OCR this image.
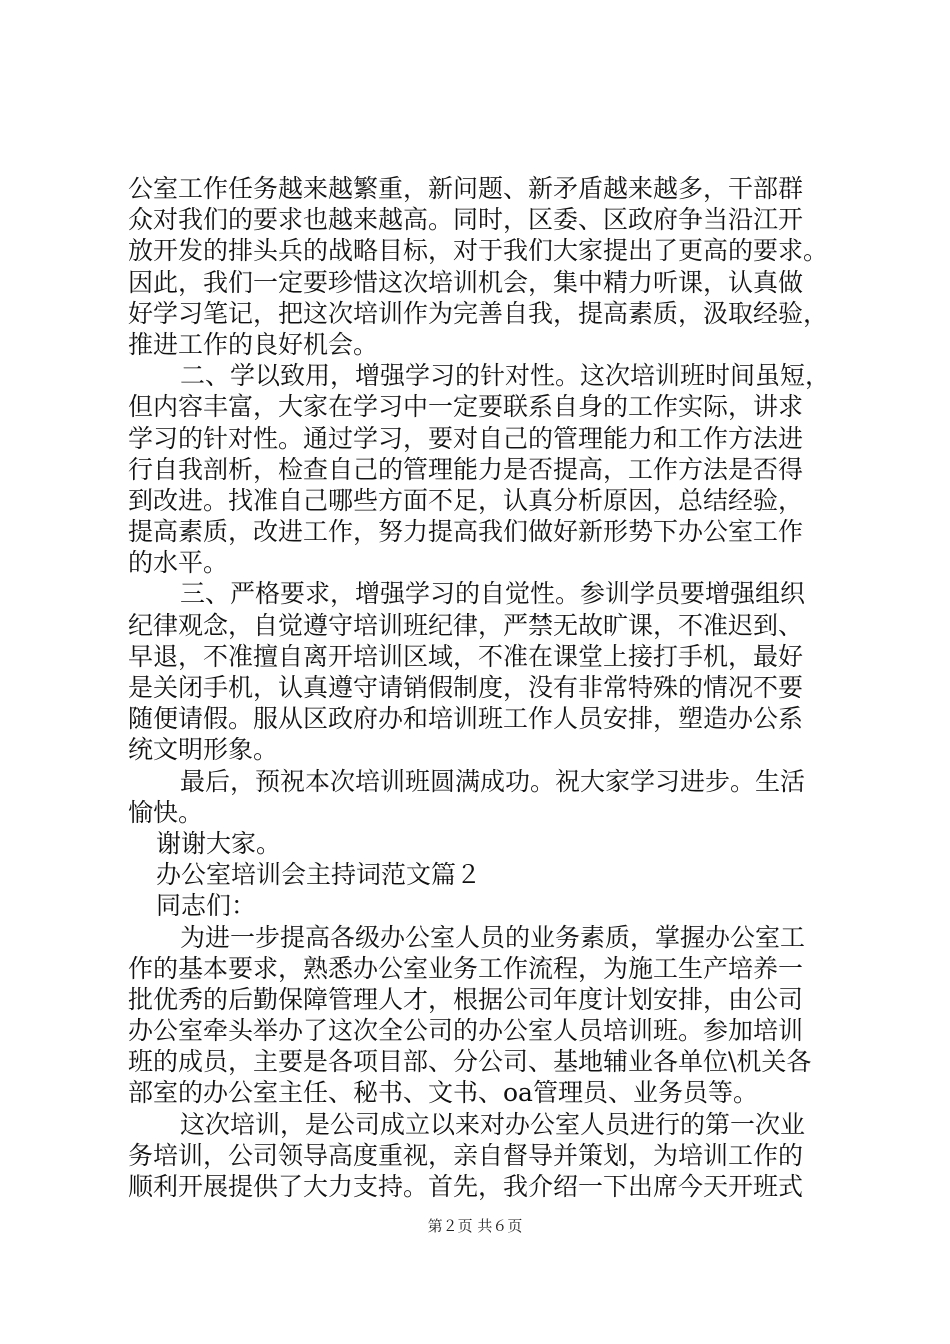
公室工作任务越来越繁重，新问题、新矛盾越来越多，干部群
众对我们的要求也越来越高。同时，区委、区政府争当沿江开
放开发的排头兵的战略目标，对于我们大家提出了更高的要求。
因此，我们一定要珍惜这次培训机会，集中精力听课，认真做
好学习笔记，把这次培训作为完善自我，提高素质，汲取经验，
推进工作的良好机会。
二、学以致用，增强学习的针对性。这次培训班时间虽短，
但内容丰富，大家在学习中一定要联系自身的工作实际，讲求
学习的针对性。通过学习，要对自己的管理能力和工作方法进
行自我剖析，检查自己的管理能力是否提高，工作方法是否得
到改进。找准自己哪些方面不足，认真分析原因，总结经验，
提高素质，改进工作，努力提高我们做好新形势下办公室工作
的水平。
三、严格要求，增强学习的自觉性。参训学员要增强组织
纪律观念，自觉遵守培训班纪律，严禁无故旷课，不准迟到、
早退，不准擅自离开培训区域，不准在课堂上接打手机，最好
是关闭手机，认真遵守请销假制度，没有非常特殊的情况不要
随便请假。服从区政府办和培训班工作人员安排，塑造办公系
统文明形象。
最后，预祝本次培训班圆满成功。祝大家学习进步。生活
愉快。
谢谢大家。
办公室培训会主持词范文篇２
同志们：
为进一步提高各级办公室人员的业务素质，掌握办公室工
作的基本要求，熟悉办公室业务工作流程，为施工生产培养一
批优秀的后勤保障管理人才，根据公司年度计划安排，由公司
办公室牵头举办了这次全公司的办公室人员培训班。参加培训
班的成员，主要是各项目部、分公司、基地辅业各单位\机关各
部室的办公室主任、秘书、文书、oa管理员、业务员等。
这次培训，是公司成立以来对办公室人员进行的第一次业
务培训，公司领导高度重视，亲自督导并策划，为培训工作的
顺利开展提供了大力支持。首先，我介绍一下出席今天开班式
第２页 共６页
